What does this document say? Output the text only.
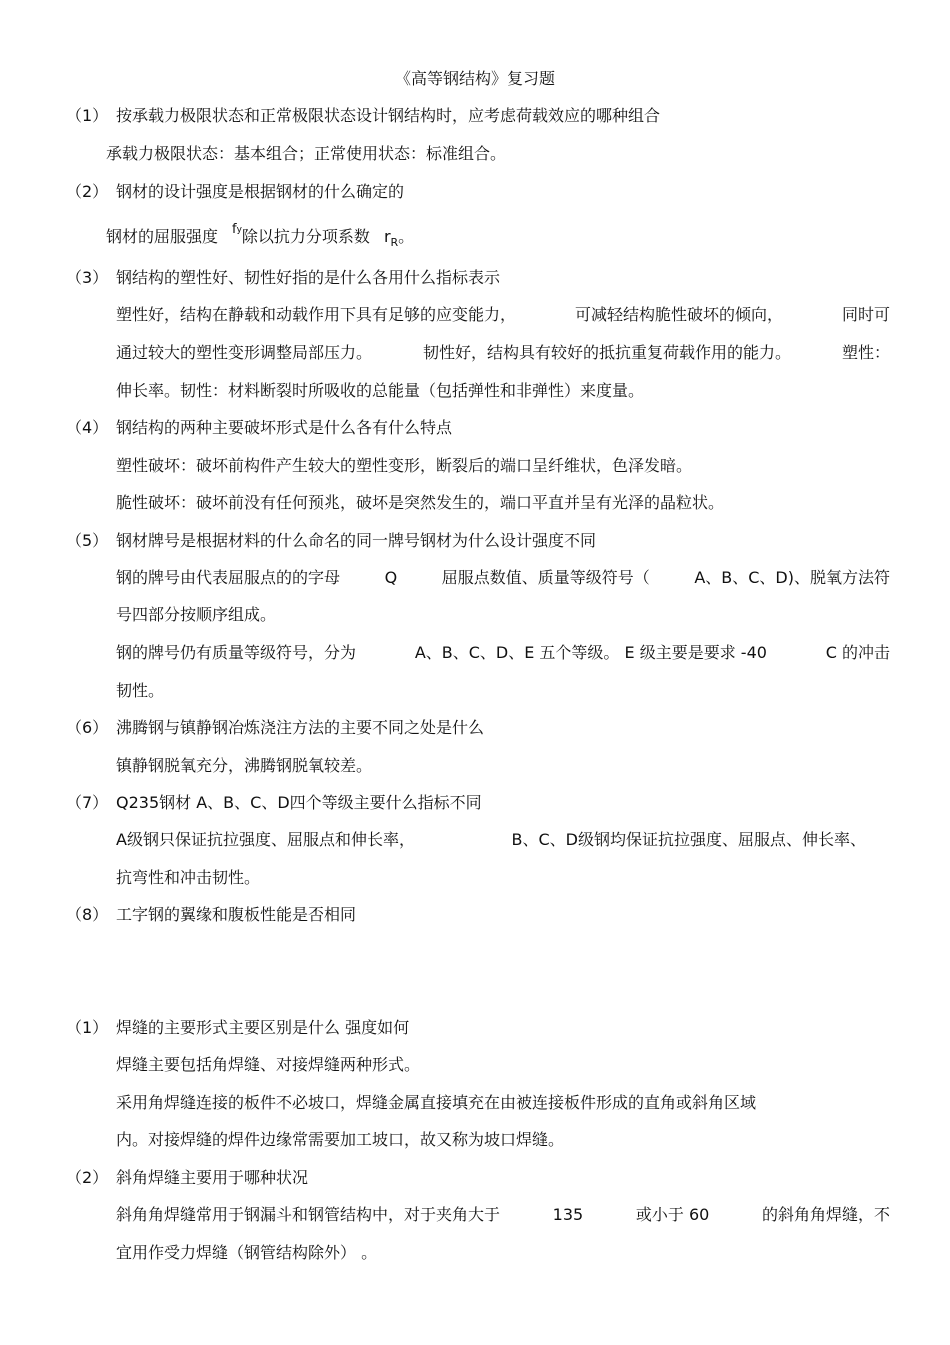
《高等钢结构》复习题
（1） 按承载力极限状态和正常极限状态设计钢结构时，应考虑荷载效应的哪种组合
承载力极限状态：基本组合；正常使用状态：标准组合。
（2） 钢材的设计强度是根据钢材的什么确定的
钢材的屈服强度 $^{fy}$除以抗力分项系数 $r_R$。
（3） 钢结构的塑性好、韧性好指的是什么各用什么指标表示
塑性好，结构在静载和动载作用下具有足够的应变能力，	可减轻结构脆性破坏的倾向，	同时可
通过较大的塑性变形调整局部压力。	韧性好，结构具有较好的抵抗重复荷载作用的能力。	塑性：
伸长率。韧性：材料断裂时所吸收的总能量（包括弹性和非弹性）来度量。
（4） 钢结构的两种主要破坏形式是什么各有什么特点
塑性破坏：破坏前构件产生较大的塑性变形，断裂后的端口呈纤维状，色泽发暗。
脆性破坏：破坏前没有任何预兆，破坏是突然发生的，端口平直并呈有光泽的晶粒状。
（5） 钢材牌号是根据材料的什么命名的同一牌号钢材为什么设计强度不同
钢的牌号由代表屈服点的的字母	Q	屈服点数值、质量等级符号（	A、B、C、D)、脱氧方法符
号四部分按顺序组成。
钢的牌号仍有质量等级符号，分为	A、B、C、D、E 五个等级。 E 级主要是要求 -40	C 的冲击
韧性。
（6） 沸腾钢与镇静钢冶炼浇注方法的主要不同之处是什么
镇静钢脱氧充分，沸腾钢脱氧较差。
（7） Q235钢材 A、B、C、D四个等级主要什么指标不同
A级钢只保证抗拉强度、屈服点和伸长率，	B、C、D级钢均保证抗拉强度、屈服点、伸长率、
抗弯性和冲击韧性。
（8） 工字钢的翼缘和腹板性能是否相同
（1） 焊缝的主要形式主要区别是什么 强度如何
焊缝主要包括角焊缝、对接焊缝两种形式。
采用角焊缝连接的板件不必坡口，焊缝金属直接填充在由被连接板件形成的直角或斜角区域
内。对接焊缝的焊件边缘常需要加工坡口，故又称为坡口焊缝。
（2） 斜角焊缝主要用于哪种状况
斜角角焊缝常用于钢漏斗和钢管结构中，对于夹角大于	135	或小于 60	的斜角角焊缝，不
宜用作受力焊缝（钢管结构除外） 。
